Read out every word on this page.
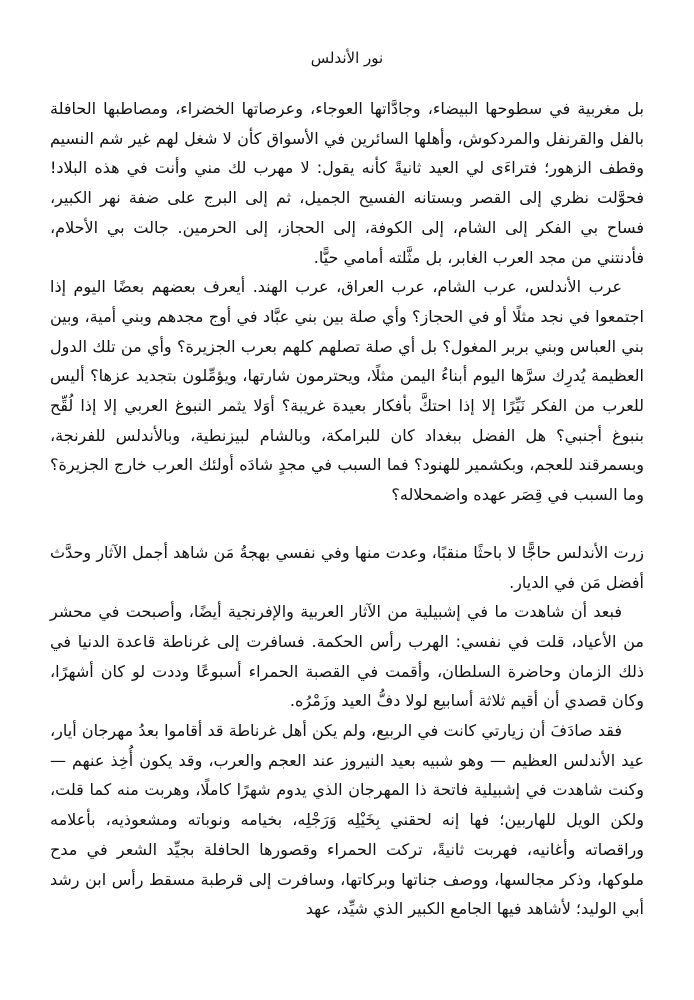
نور الأندلس

بل مغربية في سطوحها البيضاء، وجادَّاتها العوجاء، وعرصاتها الخضراء، ومصاطبها الحافلة بالفل والقرنفل والمردكوش، وأهلها السائرين في الأسواق كأن لا شغل لهم غير شم النسيم وقطف الزهور؛ فتراءَى لي العيد ثانيةً كأنه يقول: لا مهرب لك مني وأنت في هذه البلاد! فحوَّلت نظري إلى القصر وبستانه الفسيح الجميل، ثم إلى البرج على ضفة نهر الكبير، فساح بي الفكر إلى الشام، إلى الكوفة، إلى الحجاز، إلى الحرمين. جالت بي الأحلام، فأدنتني من مجد العرب الغابر، بل مثَّلته أمامي حيًّا.

عرب الأندلس، عرب الشام، عرب العراق، عرب الهند. أيعرف بعضهم بعضًا اليوم إذا اجتمعوا في نجد مثلًا أو في الحجاز؟ وأي صلة بين بني عبَّاد في أوج مجدهم وبني أمية، وبين بني العباس وبني بربر المغول؟ بل أي صلة تصلهم كلهم بعرب الجزيرة؟ وأي من تلك الدول العظيمة يُدرِك سرَّها اليوم أبناءُ اليمن مثلًا، ويحترمون شارتها، ويؤمِّلون بتجديد عزها؟ أليس للعرب من الفكر نَيِّرًا إلا إذا احتكَّ بأفكار بعيدة غريبة؟ أوَلا يثمر النبوغ العربي إلا إذا لُقِّح بنبوغ أجنبي؟ هل الفضل ببغداد كان للبرامكة، وبالشام لبيزنطية، وبالأندلس للفرنجة، وبسمرقند للعجم، وبكشمير للهنود؟ فما السبب في مجدٍ شادَه أولئك العرب خارج الجزيرة؟ وما السبب في قِصَر عهده واضمحلاله؟

زرت الأندلس حاجًّا لا باحثًا منقبًا، وعدت منها وفي نفسي بهجةُ مَن شاهد أجمل الآثار وحدَّث أفضل مَن في الديار.

فبعد أن شاهدت ما في إشبيلية من الآثار العربية والإفرنجية أيضًا، وأصبحت في محشر من الأعياد، قلت في نفسي: الهرب رأس الحكمة. فسافرت إلى غرناطة قاعدة الدنيا في ذلك الزمان وحاضرة السلطان، وأقمت في القصبة الحمراء أسبوعًا وددت لو كان أشهرًا، وكان قصدي أن أقيم ثلاثة أسابيع لولا دفُّ العيد وزَمْرُه.

فقد صادَفَ أن زيارتي كانت في الربيع، ولم يكن أهل غرناطة قد أقاموا بعدُ مهرجان أيار، عيد الأندلس العظيم — وهو شبيه بعيد النيروز عند العجم والعرب، وقد يكون أُخِذ عنهم — وكنت شاهدت في إشبيلية فاتحة ذا المهرجان الذي يدوم شهرًا كاملًا، وهربت منه كما قلت، ولكن الويل للهاربين؛ فها إنه لحقني بِخَيْلِه وَرَجْلِه، بخيامه ونوباته ومشعوذيه، بأعلامه وراقصاته وأغانيه، فهربت ثانيةً، تركت الحمراء وقصورها الحافلة بجيِّد الشعر في مدح ملوكها، وذكر مجالسها، ووصف جناتها وبركاتها، وسافرت إلى قرطبة مسقط رأس ابن رشد أبي الوليد؛ لأشاهد فيها الجامع الكبير الذي شيِّد، عهد
